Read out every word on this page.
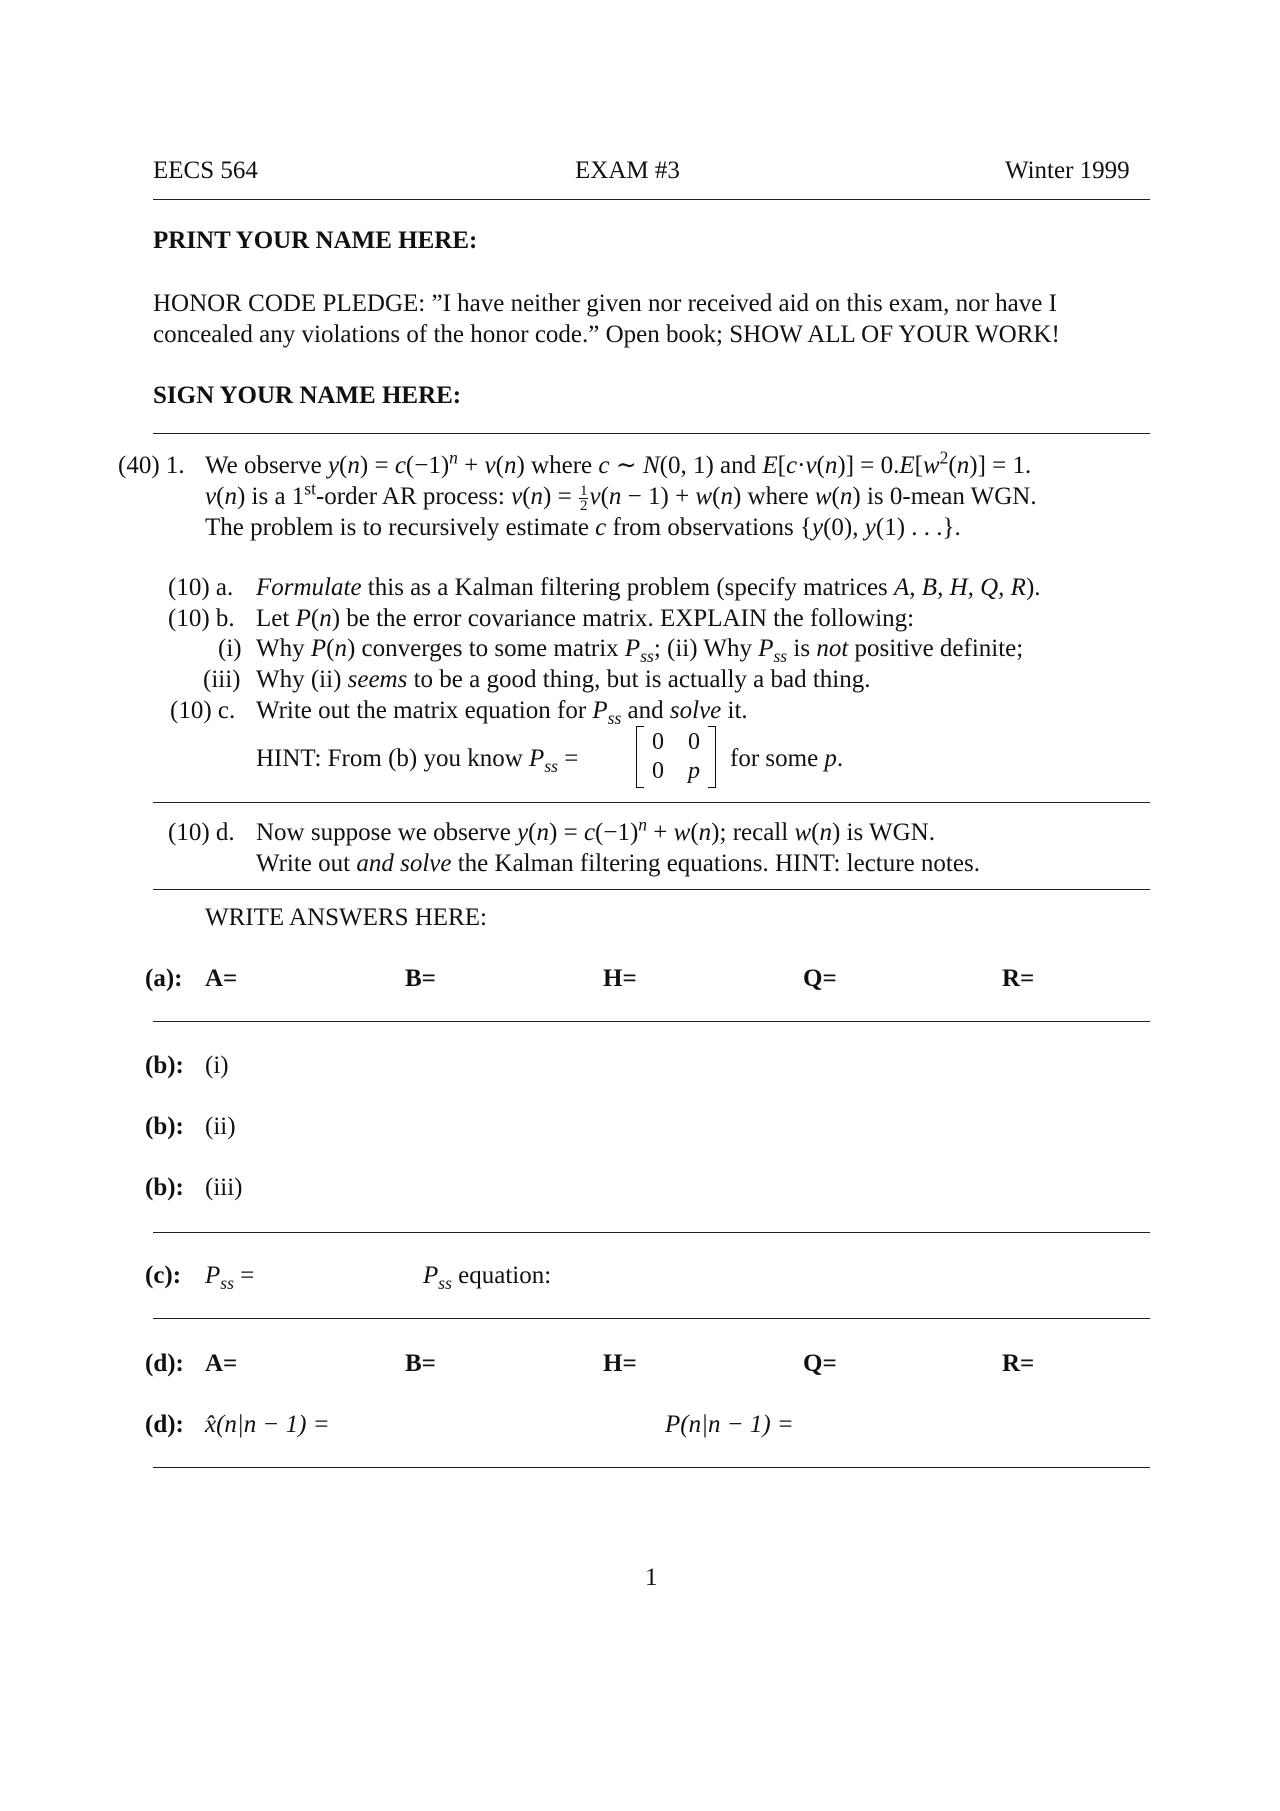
EECS 564	EXAM #3	Winter 1999
PRINT YOUR NAME HERE:
HONOR CODE PLEDGE: ”I have neither given nor received aid on this exam, nor have I
concealed any violations of the honor code.” Open book; SHOW ALL OF YOUR WORK!
SIGN YOUR NAME HERE:
(40) 1. We observe $y(n) = c(-1)^n + v(n)$ where c ∼ N(0, 1) and $E[c\cdot v(n)] = 0.E[w^2(n)] = 1$.
v(n) is a 1st-order AR process: $v(n) = \frac{1}{2} v(n - 1) + w(n)$ where w(n) is 0-mean WGN.
The problem is to recursively estimate c from observations {y(0), y(1) . . .}.
(10) a. Formulate this as a Kalman filtering problem (specify matrices A, B, H, Q, R).
(10) b. Let P(n) be the error covariance matrix. EXPLAIN the following:
(i) Why P(n) converges to some matrix $P_{ss}$; (ii) Why $P_{ss}$ is not positive definite;
(iii) Why (ii) seems to be a good thing, but is actually a bad thing.
(10) c. Write out the matrix equation for $P_{ss}$ and solve it.
HINT: From (b) you know $P_{ss}$ =
0 0
0 p for some p.
(10) d. Now suppose we observe $y(n) = c(-1)^n + w(n)$; recall w(n) is WGN.
Write out and solve the Kalman filtering equations. HINT: lecture notes.
WRITE ANSWERS HERE:
(a): A=	B=	H=	Q=	R=
(b): (i)
(b): (ii)
(b): (iii)
(c): $P_{ss}$ =	$P_{ss}$ equation:
(d): A=	B=	H=	Q=	R=
(d): x̂(n|n − 1) =	P(n|n − 1) =
1
